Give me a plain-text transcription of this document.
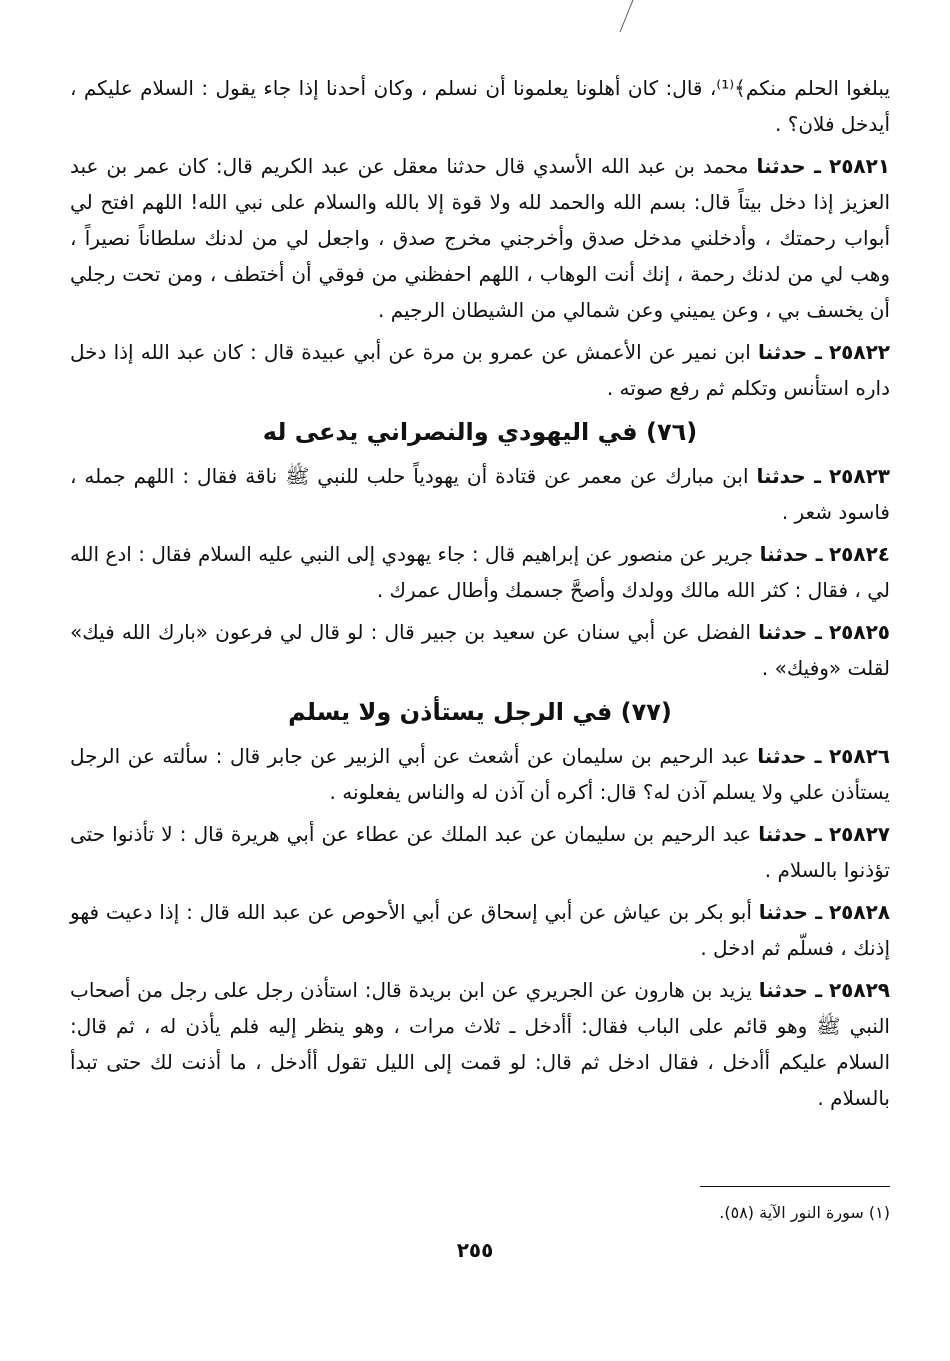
يبلغوا الحلم منكم﴾⁽¹⁾، قال: كان أهلونا يعلمونا أن نسلم ، وكان أحدنا إذا جاء يقول : السلام عليكم ، أيدخل فلان؟ .

٢٥٨٢١ ـ حدثنا محمد بن عبد الله الأسدي قال حدثنا معقل عن عبد الكريم قال: كان عمر بن عبد العزيز إذا دخل بيتاً قال: بسم الله والحمد لله ولا قوة إلا بالله والسلام على نبي الله! اللهم افتح لي أبواب رحمتك ، وأدخلني مدخل صدق وأخرجني مخرج صدق ، واجعل لي من لدنك سلطاناً نصيراً ، وهب لي من لدنك رحمة ، إنك أنت الوهاب ، اللهم احفظني من فوقي أن أختطف ، ومن تحت رجلي أن يخسف بي ، وعن يميني وعن شمالي من الشيطان الرجيم .

٢٥٨٢٢ ـ حدثنا ابن نمير عن الأعمش عن عمرو بن مرة عن أبي عبيدة قال : كان عبد الله إذا دخل داره استأنس وتكلم ثم رفع صوته .

(٧٦) في اليهودي والنصراني يدعى له

٢٥٨٢٣ ـ حدثنا ابن مبارك عن معمر عن قتادة أن يهودياً حلب للنبي ﷺ ناقة فقال : اللهم جمله ، فاسود شعر .

٢٥٨٢٤ ـ حدثنا جرير عن منصور عن إبراهيم قال : جاء يهودي إلى النبي عليه السلام فقال : ادع الله لي ، فقال : كثر الله مالك وولدك وأصحَّ جسمك وأطال عمرك .

٢٥٨٢٥ ـ حدثنا الفضل عن أبي سنان عن سعيد بن جبير قال : لو قال لي فرعون «بارك الله فيك» لقلت «وفيك» .

(٧٧) في الرجل يستأذن ولا يسلم

٢٥٨٢٦ ـ حدثنا عبد الرحيم بن سليمان عن أشعث عن أبي الزبير عن جابر قال : سألته عن الرجل يستأذن علي ولا يسلم آذن له؟ قال: أكره أن آذن له والناس يفعلونه .

٢٥٨٢٧ ـ حدثنا عبد الرحيم بن سليمان عن عبد الملك عن عطاء عن أبي هريرة قال : لا تأذنوا حتى تؤذنوا بالسلام .

٢٥٨٢٨ ـ حدثنا أبو بكر بن عياش عن أبي إسحاق عن أبي الأحوص عن عبد الله قال : إذا دعيت فهو إذنك ، فسلّم ثم ادخل .

٢٥٨٢٩ ـ حدثنا يزيد بن هارون عن الجريري عن ابن بريدة قال: استأذن رجل على رجل من أصحاب النبي ﷺ وهو قائم على الباب فقال: أأدخل ـ ثلاث مرات ، وهو ينظر إليه فلم يأذن له ، ثم قال: السلام عليكم أأدخل ، فقال ادخل ثم قال: لو قمت إلى الليل تقول أأدخل ، ما أذنت لك حتى تبدأ بالسلام .

(١) سورة النور الآية (٥٨).
٢٥٥
